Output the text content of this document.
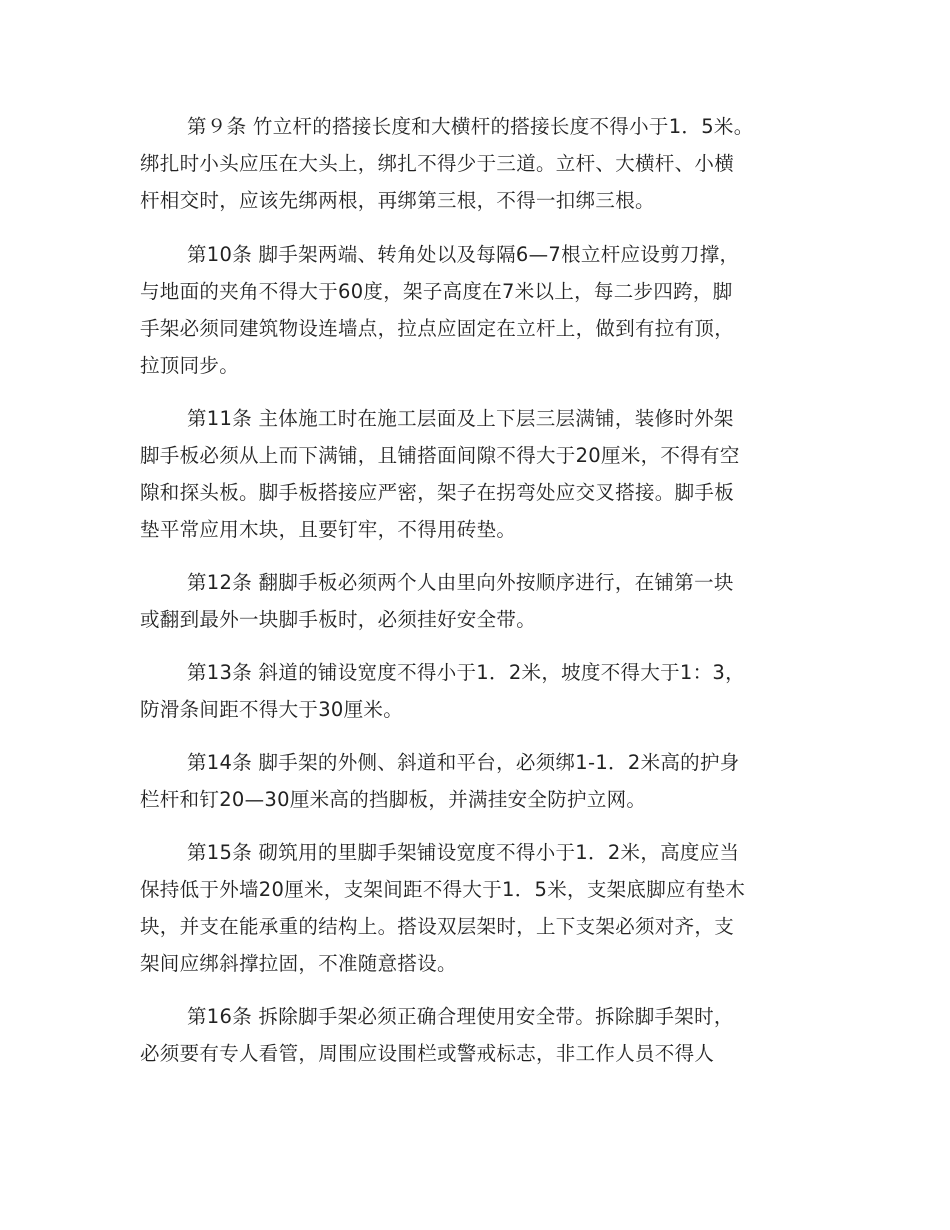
第９条 竹立杆的搭接长度和大横杆的搭接长度不得小于1．5米。
绑扎时小头应压在大头上，绑扎不得少于三道。立杆、大横杆、小横
杆相交时，应该先绑两根，再绑第三根，不得一扣绑三根。
第10条 脚手架两端、转角处以及每隔6—7根立杆应设剪刀撑，
与地面的夹角不得大于60度，架子高度在7米以上，每二步四跨，脚
手架必须同建筑物设连墙点，拉点应固定在立杆上，做到有拉有顶，
拉顶同步。
第11条 主体施工时在施工层面及上下层三层满铺，装修时外架
脚手板必须从上而下满铺，且铺搭面间隙不得大于20厘米，不得有空
隙和探头板。脚手板搭接应严密，架子在拐弯处应交叉搭接。脚手板
垫平常应用木块，且要钉牢，不得用砖垫。
第12条 翻脚手板必须两个人由里向外按顺序进行，在铺第一块
或翻到最外一块脚手板时，必须挂好安全带。
第13条 斜道的铺设宽度不得小于1．2米，坡度不得大于1：3，
防滑条间距不得大于30厘米。
第14条 脚手架的外侧、斜道和平台，必须绑1-1．2米高的护身
栏杆和钉20—30厘米高的挡脚板，并满挂安全防护立网。
第15条 砌筑用的里脚手架铺设宽度不得小于1．2米，高度应当
保持低于外墙20厘米，支架间距不得大于1．5米，支架底脚应有垫木
块，并支在能承重的结构上。搭设双层架时，上下支架必须对齐，支
架间应绑斜撑拉固，不准随意搭设。
第16条 拆除脚手架必须正确合理使用安全带。拆除脚手架时，
必须要有专人看管，周围应设围栏或警戒标志，非工作人员不得人
